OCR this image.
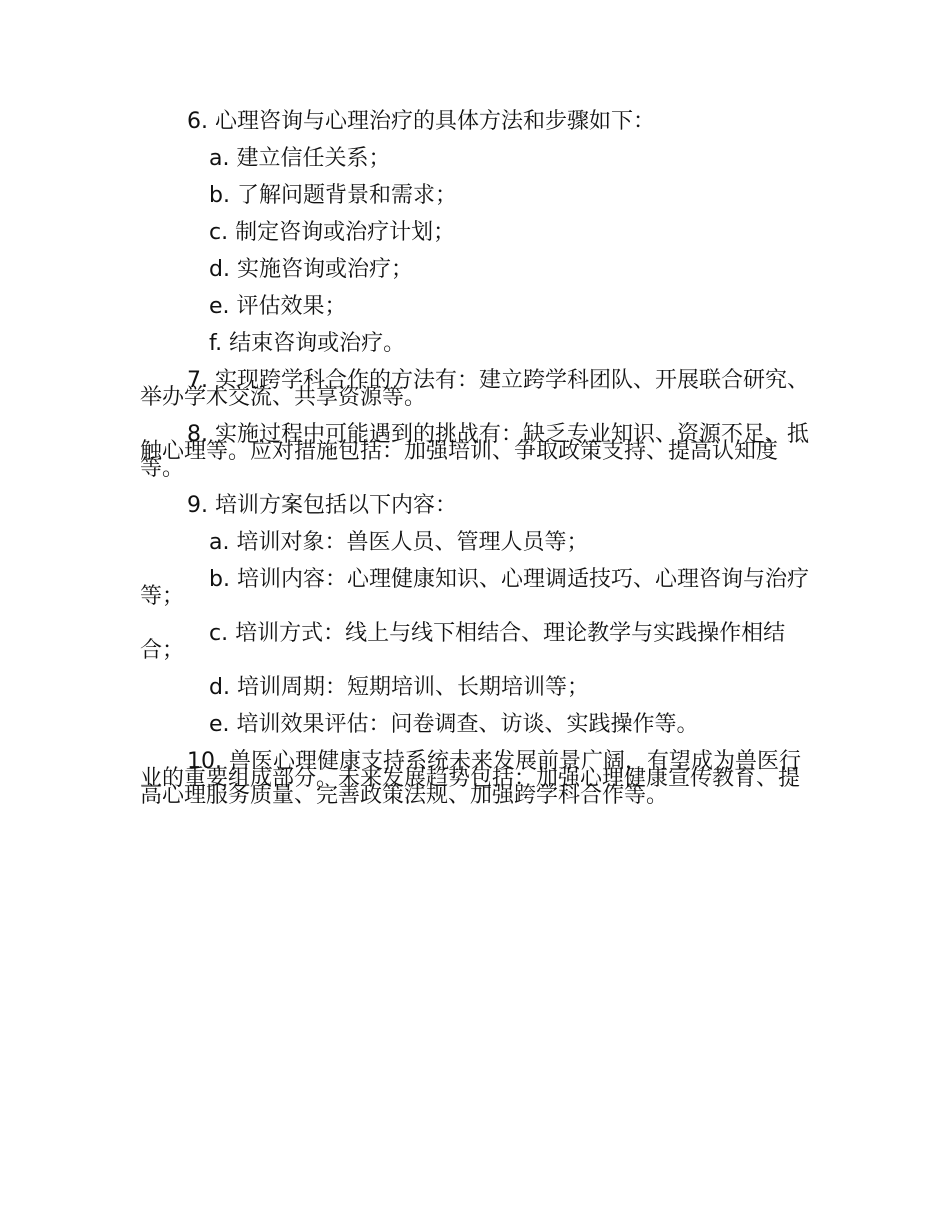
6. 心理咨询与心理治疗的具体方法和步骤如下：

a. 建立信任关系；

b. 了解问题背景和需求；

c. 制定咨询或治疗计划；

d. 实施咨询或治疗；

e. 评估效果；

f. 结束咨询或治疗。

7. 实现跨学科合作的方法有：建立跨学科团队、开展联合研究、举办学术交流、共享资源等。

8. 实施过程中可能遇到的挑战有：缺乏专业知识、资源不足、抵触心理等。应对措施包括：加强培训、争取政策支持、提高认知度等。

9. 培训方案包括以下内容：

a. 培训对象：兽医人员、管理人员等；

b. 培训内容：心理健康知识、心理调适技巧、心理咨询与治疗等；

c. 培训方式：线上与线下相结合、理论教学与实践操作相结合；

d. 培训周期：短期培训、长期培训等；

e. 培训效果评估：问卷调查、访谈、实践操作等。

10. 兽医心理健康支持系统未来发展前景广阔，有望成为兽医行业的重要组成部分。未来发展趋势包括：加强心理健康宣传教育、提高心理服务质量、完善政策法规、加强跨学科合作等。
